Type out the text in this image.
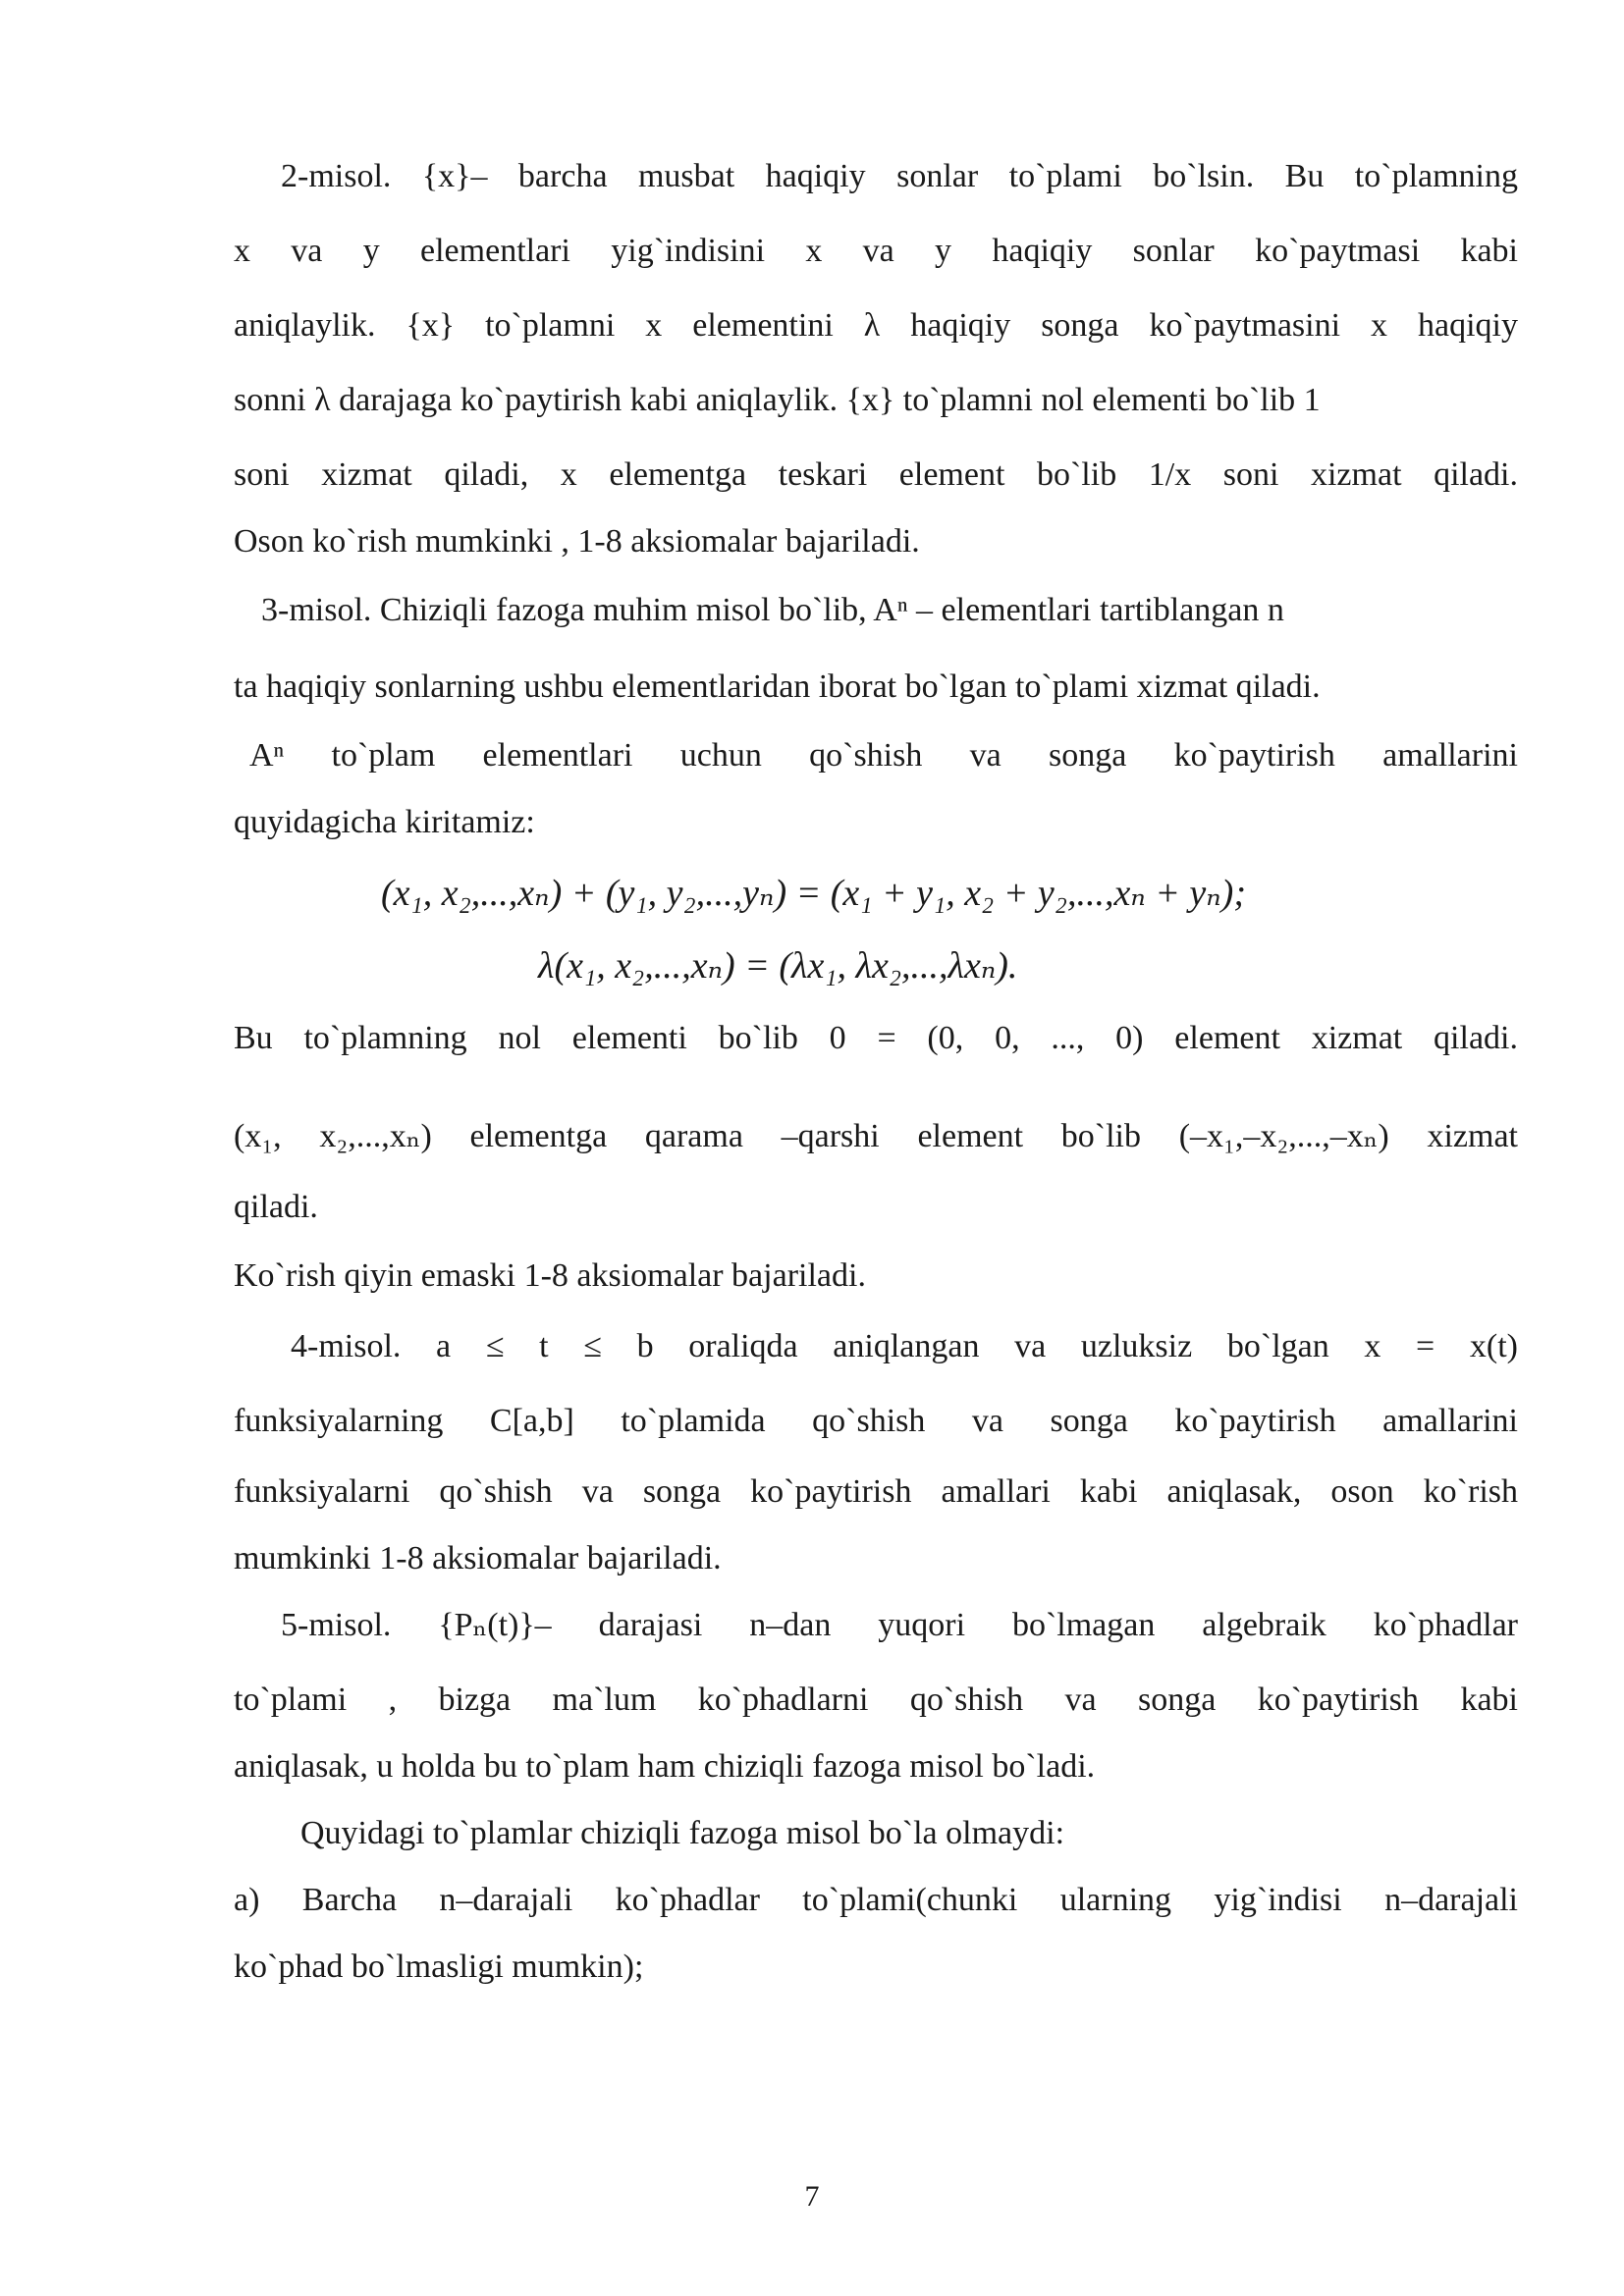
2-misol. {x}– barcha musbat haqiqiy sonlar to`plami bo`lsin. Bu to`plamning
x va y elementlari yig`indisini x va y haqiqiy sonlar ko`paytmasi kabi
aniqlaylik. {x} to`plamni x elementini λ haqiqiy songa ko`paytmasini x haqiqiy
sonni λ darajaga ko`paytirish kabi aniqlaylik. {x} to`plamni nol elementi bo`lib 1
soni xizmat qiladi, x elementga teskari element bo`lib 1/x soni xizmat qiladi.
Oson ko`rish mumkinki , 1-8 aksiomalar bajariladi.
3-misol. Chiziqli fazoga muhim misol bo`lib, Aⁿ – elementlari tartiblangan n
ta haqiqiy sonlarning ushbu elementlaridan iborat bo`lgan to`plami xizmat qiladi.
Aⁿ to`plam elementlari uchun qo`shish va songa ko`paytirish amallarini
quyidagicha kiritamiz:
(x₁, x₂,...,xₙ) + (y₁, y₂,...,yₙ) = (x₁ + y₁, x₂ + y₂,...,xₙ + yₙ);
λ(x₁, x₂,...,xₙ) = (λx₁, λx₂,...,λxₙ).
Bu to`plamning nol elementi bo`lib 0 = (0, 0, ..., 0) element xizmat qiladi.
(x₁, x₂,...,xₙ) elementga qarama –qarshi element bo`lib (–x₁,–x₂,...,–xₙ) xizmat
qiladi.
Ko`rish qiyin emaski 1-8 aksiomalar bajariladi.
4-misol. a ≤ t ≤ b oraliqda aniqlangan va uzluksiz bo`lgan x = x(t)
funksiyalarning C[a,b] to`plamida qo`shish va songa ko`paytirish amallarini
funksiyalarni qo`shish va songa ko`paytirish amallari kabi aniqlasak, oson ko`rish
mumkinki 1-8 aksiomalar bajariladi.
5-misol. {Pₙ(t)}– darajasi n–dan yuqori bo`lmagan algebraik ko`phadlar
to`plami , bizga ma`lum ko`phadlarni qo`shish va songa ko`paytirish kabi
aniqlasak, u holda bu to`plam ham chiziqli fazoga misol bo`ladi.
Quyidagi to`plamlar chiziqli fazoga misol bo`la olmaydi:
a) Barcha n–darajali ko`phadlar to`plami(chunki ularning yig`indisi n–darajali
ko`phad bo`lmasligi mumkin);
7
